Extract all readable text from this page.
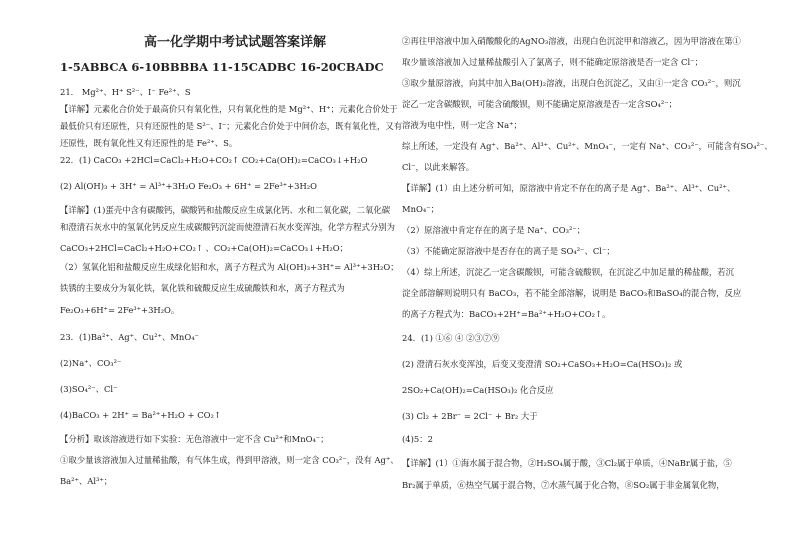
高一化学期中考试试题答案详解
1-5ABBCA 6-10BBBBA 11-15CADBC 16-20CBADC
21． Mg²⁺、H⁺ S²⁻、I⁻ Fe²⁺、S
【详解】元素化合价处于最高价只有氧化性，只有氧化性的是 Mg²⁺、H⁺；元素化合价处于
最低价只有还原性，只有还原性的是 S²⁻、I⁻；元素化合价处于中间价态，既有氧化性，又有
还原性，既有氧化性又有还原性的是 Fe²⁺、S。
22．(1) CaCO₃ +2HCl=CaCl₂+H₂O+CO₂↑ CO₂+Ca(OH)₂=CaCO₃↓+H₂O
(2) Al(OH)₃ + 3H⁺ = Al³⁺+3H₂O Fe₂O₃ + 6H⁺ = 2Fe³⁺+3H₂O
【详解】(1)蛋壳中含有碳酸钙，碳酸钙和盐酸反应生成氯化钙、水和二氧化碳，二氧化碳
和澄清石灰水中的氢氧化钙反应生成碳酸钙沉淀而使澄清石灰水变浑浊，化学方程式分别为
CaCO₃+2HCl=CaCl₂+H₂O+CO₂↑ 、CO₂+Ca(OH)₂=CaCO₃↓+H₂O；
（2）氢氧化铝和盐酸反应生成绿化铝和水，离子方程式为 Al(OH)₃+3H⁺= Al³⁺+3H₂O；
铁锈的主要成分为氧化铁，氧化铁和硫酸反应生成硫酸铁和水，离子方程式为
Fe₂O₃+6H⁺= 2Fe³⁺+3H₂O。
23．(1)Ba²⁺、Ag⁺、Cu²⁺、MnO₄⁻
(2)Na⁺、CO₃²⁻
(3)SO₄²⁻、Cl⁻
(4)BaCO₃ + 2H⁺ = Ba²⁺+H₂O + CO₂↑
【分析】取该溶液进行如下实验：无色溶液中一定不含 Cu²⁺和MnO₄⁻；
①取少量该溶液加入过量稀盐酸，有气体生成，得到甲溶液，则一定含 CO₃²⁻，没有 Ag⁺、
Ba²⁺、Al³⁺；
②再往甲溶液中加入硝酸酸化的AgNO₃溶液，出现白色沉淀甲和溶液乙，因为甲溶液在第①
取少量该溶液加入过量稀盐酸引入了氯离子，则不能确定原溶液是否一定含 Cl⁻；
③取少量原溶液，向其中加入Ba(OH)₂溶液，出现白色沉淀乙，又由①一定含 CO₃²⁻，则沉
淀乙一定含碳酸钡，可能含硫酸钡，则不能确定原溶液是否一定含SO₄²⁻；
溶液为电中性，则一定含 Na⁺；
综上所述，一定没有 Ag⁺、Ba²⁺、Al³⁺、Cu²⁺、MnO₄⁻，一定有 Na⁺、CO₃²⁻，可能含有SO₄²⁻、
Cl⁻，以此来解答。
【详解】(1）由上述分析可知，原溶液中肯定不存在的离子是 Ag⁺、Ba²⁺、Al³⁺、Cu²⁺、
MnO₄⁻；
（2）原溶液中肯定存在的离子是 Na⁺、CO₃²⁻；
（3）不能确定原溶液中是否存在的离子是 SO₄²⁻、Cl⁻；
（4）综上所述，沉淀乙一定含碳酸钡，可能含硫酸钡，在沉淀乙中加足量的稀盐酸，若沉
淀全部溶解则说明只有 BaCO₃，若不能全部溶解，说明是 BaCO₃和BaSO₄的混合物，反应
的离子方程式为：BaCO₃+2H⁺=Ba²⁺+H₂O+CO₂↑。
24．(1) ①⑥ ④ ②③⑦⑨
(2) 澄清石灰水变浑浊，后变又变澄清 SO₂+CaSO₃+H₂O=Ca(HSO₃)₂ 或
2SO₂+Ca(OH)₂=Ca(HSO₃)₂ 化合反应
(3) Cl₂ + 2Br⁻ = 2Cl⁻ + Br₂ 大于
(4)5：2
【详解】(1）①海水属于混合物，②H₂SO₄属于酸，③Cl₂属于单质，④NaBr属于盐，⑤
Br₂属于单质，⑥热空气属于混合物，⑦水蒸气属于化合物，⑧SO₂属于非金属氧化物，
